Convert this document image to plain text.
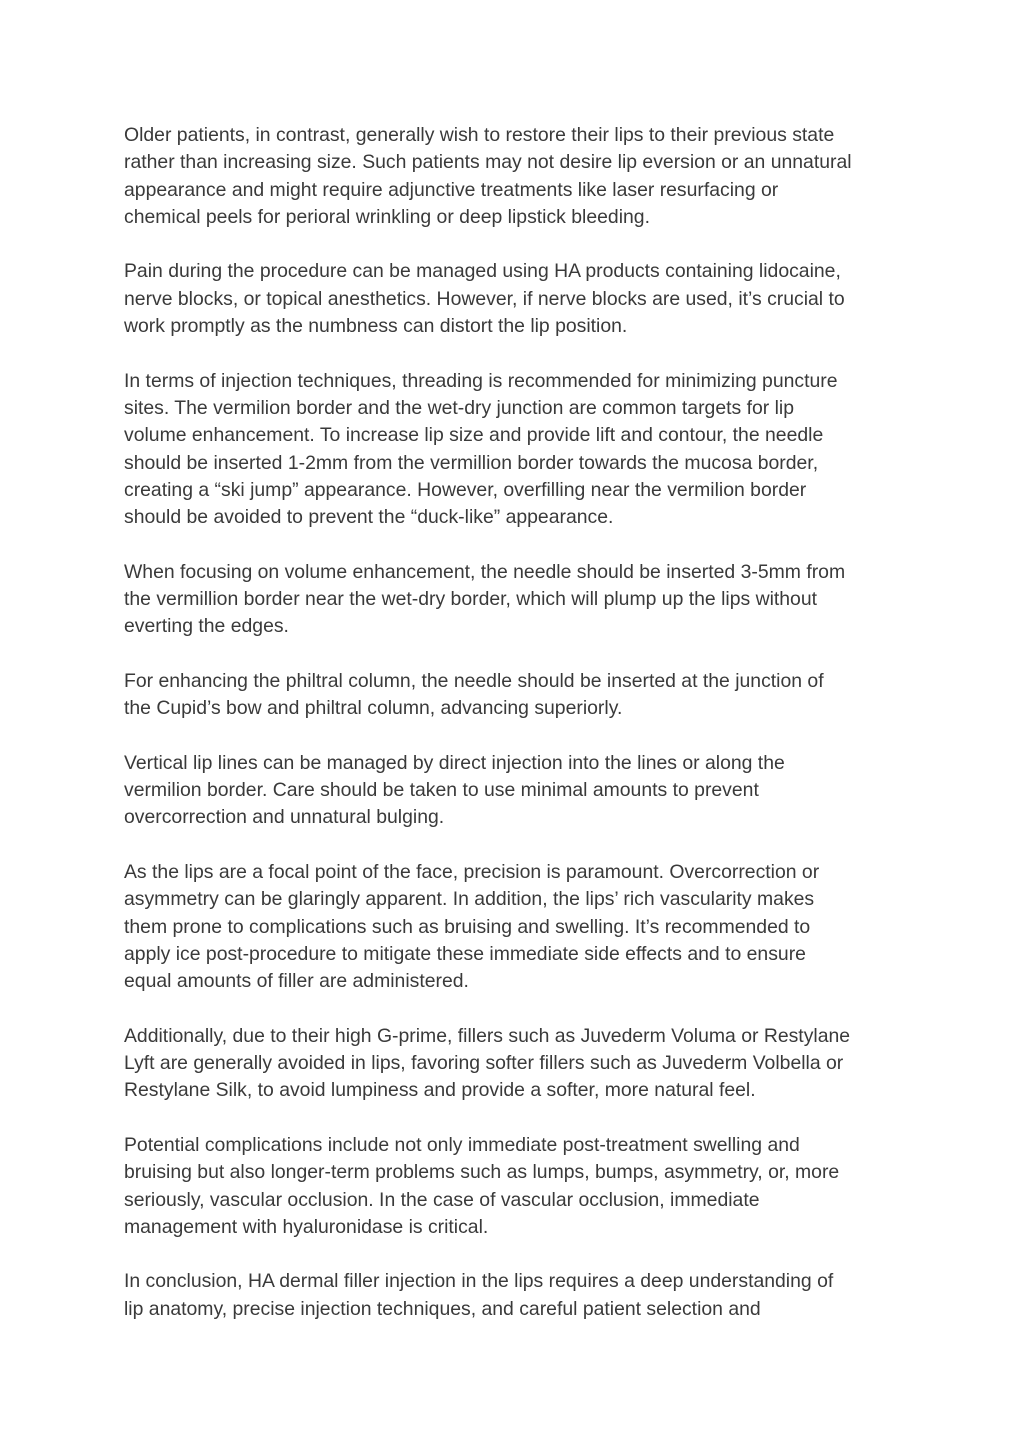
Older patients, in contrast, generally wish to restore their lips to their previous state
rather than increasing size. Such patients may not desire lip eversion or an unnatural
appearance and might require adjunctive treatments like laser resurfacing or
chemical peels for perioral wrinkling or deep lipstick bleeding.

Pain during the procedure can be managed using HA products containing lidocaine,
nerve blocks, or topical anesthetics. However, if nerve blocks are used, it’s crucial to
work promptly as the numbness can distort the lip position.

In terms of injection techniques, threading is recommended for minimizing puncture
sites. The vermilion border and the wet-dry junction are common targets for lip
volume enhancement. To increase lip size and provide lift and contour, the needle
should be inserted 1-2mm from the vermillion border towards the mucosa border,
creating a “ski jump” appearance. However, overfilling near the vermilion border
should be avoided to prevent the “duck-like” appearance.

When focusing on volume enhancement, the needle should be inserted 3-5mm from
the vermillion border near the wet-dry border, which will plump up the lips without
everting the edges.

For enhancing the philtral column, the needle should be inserted at the junction of
the Cupid’s bow and philtral column, advancing superiorly.

Vertical lip lines can be managed by direct injection into the lines or along the
vermilion border. Care should be taken to use minimal amounts to prevent
overcorrection and unnatural bulging.

As the lips are a focal point of the face, precision is paramount. Overcorrection or
asymmetry can be glaringly apparent. In addition, the lips’ rich vascularity makes
them prone to complications such as bruising and swelling. It’s recommended to
apply ice post-procedure to mitigate these immediate side effects and to ensure
equal amounts of filler are administered.

Additionally, due to their high G-prime, fillers such as Juvederm Voluma or Restylane
Lyft are generally avoided in lips, favoring softer fillers such as Juvederm Volbella or
Restylane Silk, to avoid lumpiness and provide a softer, more natural feel.

Potential complications include not only immediate post-treatment swelling and
bruising but also longer-term problems such as lumps, bumps, asymmetry, or, more
seriously, vascular occlusion. In the case of vascular occlusion, immediate
management with hyaluronidase is critical.

In conclusion, HA dermal filler injection in the lips requires a deep understanding of
lip anatomy, precise injection techniques, and careful patient selection and
